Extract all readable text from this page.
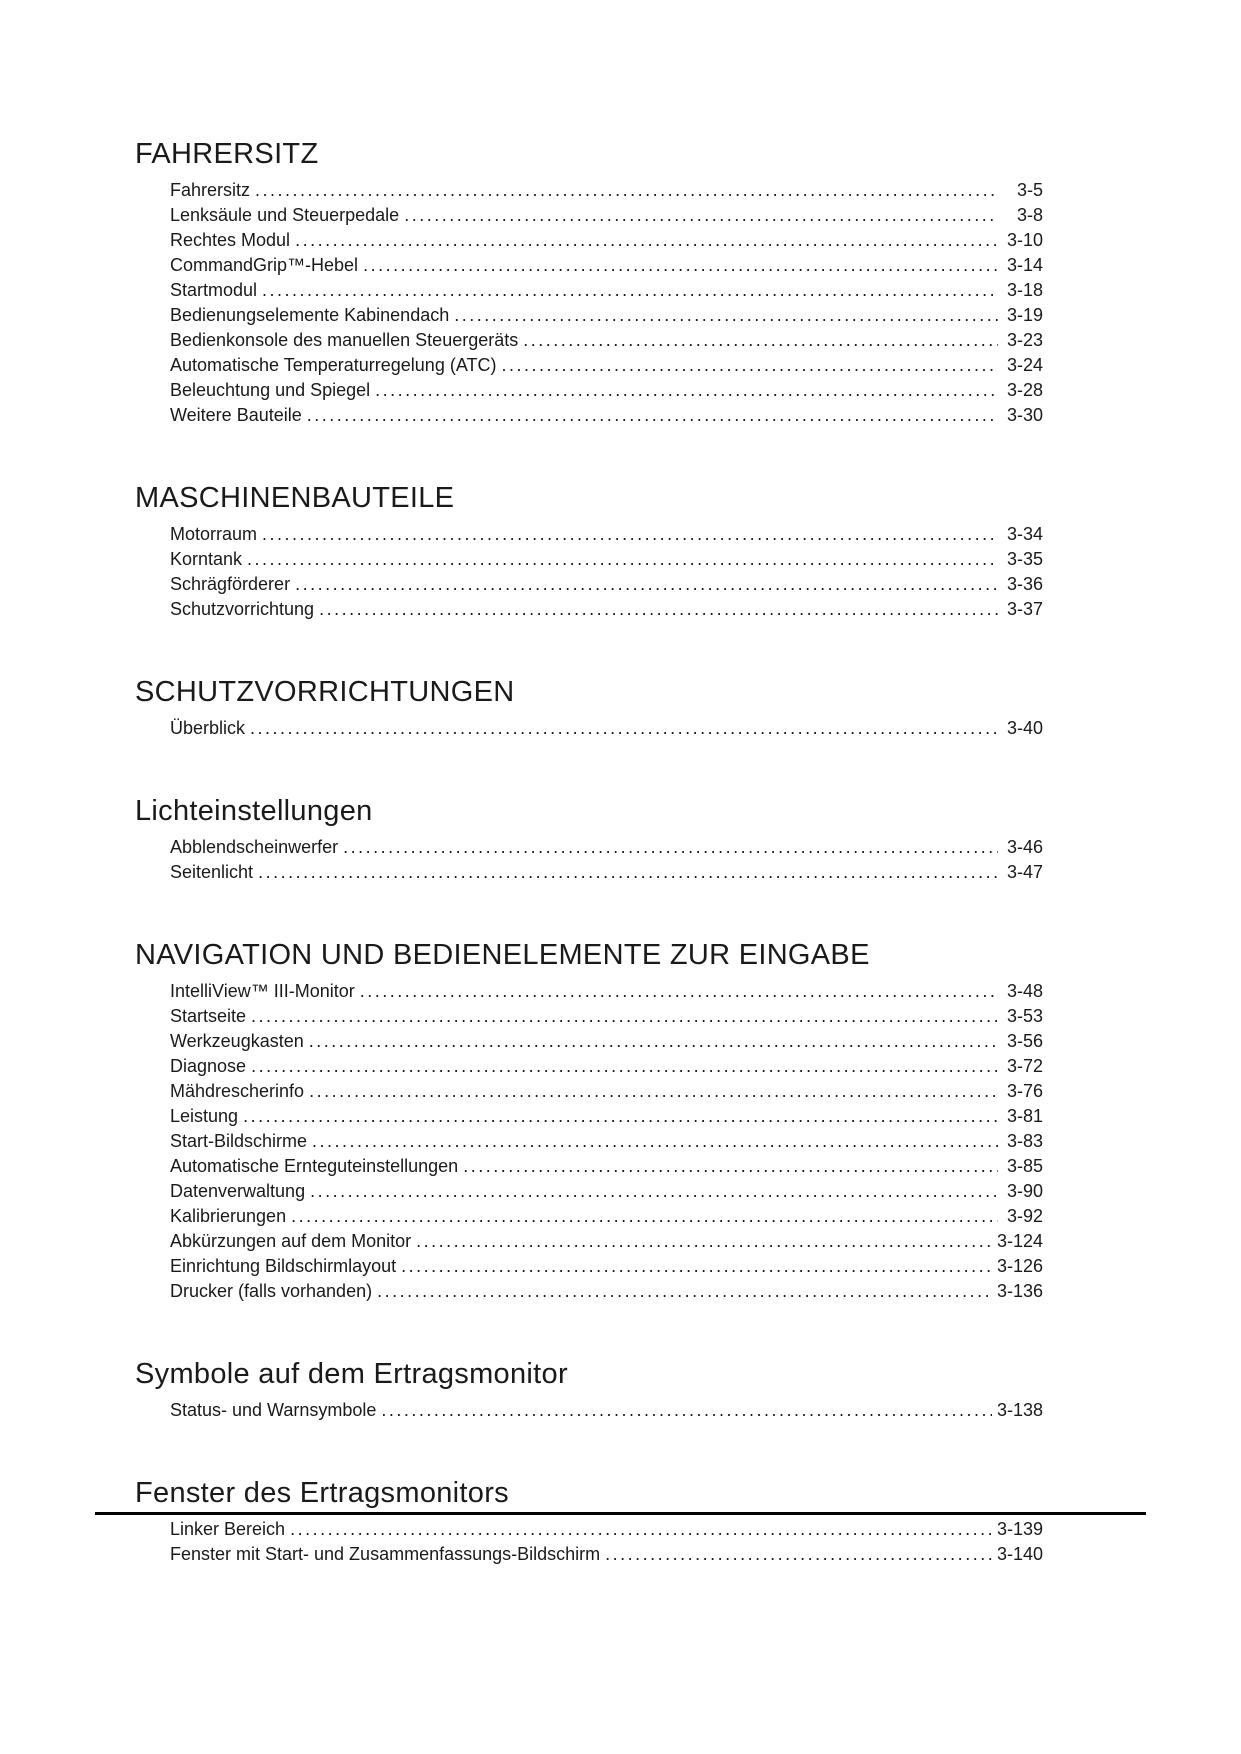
FAHRERSITZ
Fahrersitz .....	3-5
Lenksäule und Steuerpedale .....	3-8
Rechtes Modul .....	3-10
CommandGrip™-Hebel .....	3-14
Startmodul .....	3-18
Bedienungselemente Kabinendach .....	3-19
Bedienkonsole des manuellen Steuergeräts .....	3-23
Automatische Temperaturregelung (ATC) .....	3-24
Beleuchtung und Spiegel .....	3-28
Weitere Bauteile .....	3-30
MASCHINENBAUTEILE
Motorraum .....	3-34
Korntank .....	3-35
Schrägförderer .....	3-36
Schutzvorrichtung .....	3-37
SCHUTZVORRICHTUNGEN
Überblick .....	3-40
Lichteinstellungen
Abblendscheinwerfer .....	3-46
Seitenlicht .....	3-47
NAVIGATION UND BEDIENELEMENTE ZUR EINGABE
IntelliView™ III-Monitor .....	3-48
Startseite .....	3-53
Werkzeugkasten .....	3-56
Diagnose .....	3-72
Mähdrescherinfo .....	3-76
Leistung .....	3-81
Start-Bildschirme .....	3-83
Automatische Ernteguteinstellungen .....	3-85
Datenverwaltung .....	3-90
Kalibrierungen .....	3-92
Abkürzungen auf dem Monitor .....	3-124
Einrichtung Bildschirmlayout .....	3-126
Drucker (falls vorhanden) .....	3-136
Symbole auf dem Ertragsmonitor
Status- und Warnsymbole .....	3-138
Fenster des Ertragsmonitors
Linker Bereich .....	3-139
Fenster mit Start- und Zusammenfassungs-Bildschirm .....	3-140
